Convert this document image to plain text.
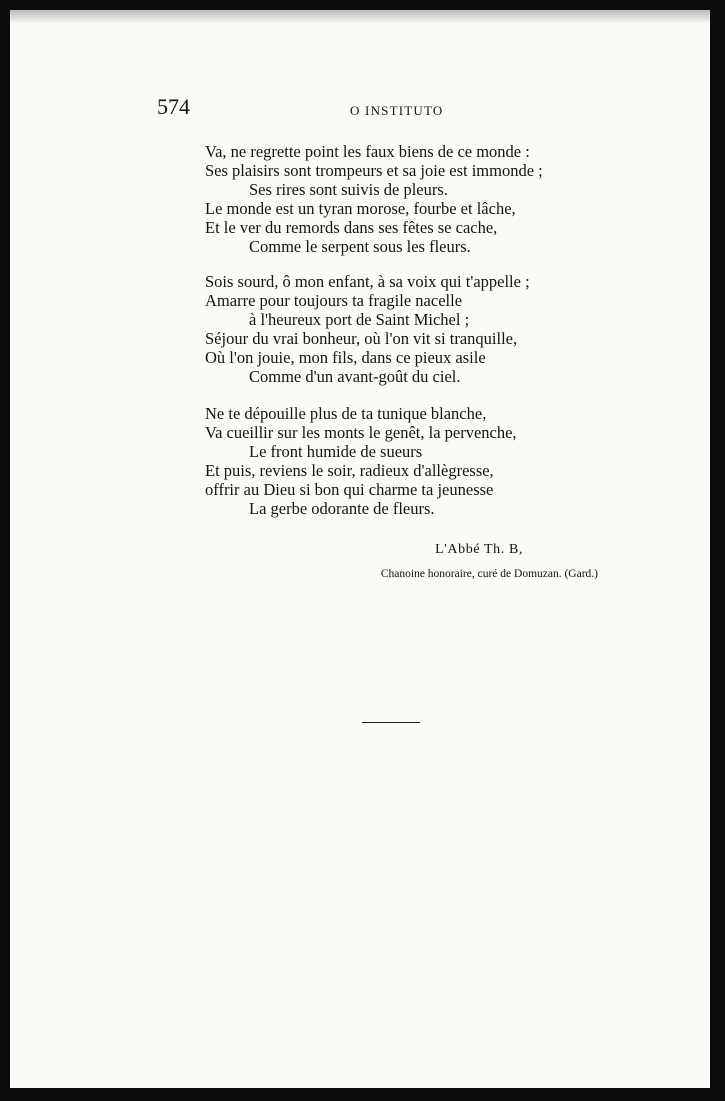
574	O INSTITUTO
Va, ne regrette point les faux biens de ce monde :
Ses plaisirs sont trompeurs et sa joie est immonde ;
Ses rires sont suivis de pleurs.
Le monde est un tyran morose, fourbe et lâche,
Et le ver du remords dans ses fêtes se cache,
Comme le serpent sous les fleurs.
Sois sourd, ô mon enfant, à sa voix qui t'appelle ;
Amarre pour toujours ta fragile nacelle
à l'heureux port de Saint Michel ;
Séjour du vrai bonheur, où l'on vit si tranquille,
Où l'on jouie, mon fils, dans ce pieux asile
Comme d'un avant-goût du ciel.
Ne te dépouille plus de ta tunique blanche,
Va cueillir sur les monts le genêt, la pervenche,
Le front humide de sueurs
Et puis, reviens le soir, radieux d'allègresse,
offrir au Dieu si bon qui charme ta jeunesse
La gerbe odorante de fleurs.
L'Abbé Th. B,
Chanoine honoraire, curé de Domuzan. (Gard.)
